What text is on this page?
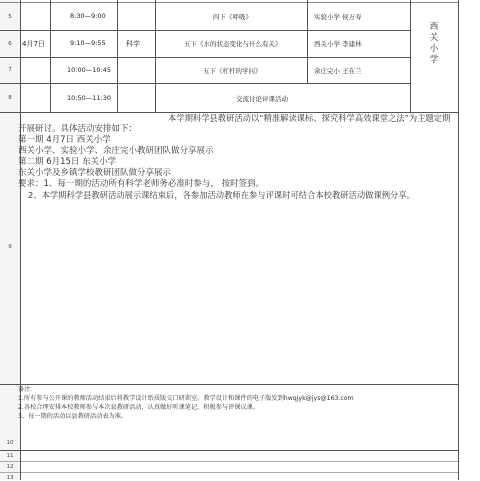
5
6
7
8
9
10
11
12
13
4月7日	科学
西关小学
8:30—9:00
9:10—9:55
10:00—10:45
10:50—11:30
四下《呼吸》
五下《水的状态变化与什么有关》
五下《杠杆的学问》
交流讨论评课活动
实验小学 侯万寿
西关小学 李建林
余庄完小 王在兰
本学期科学县教研活动以“精准解读课标、探究科学高效课堂之法”为主题定期
开展研讨。具体活动安排如下：
第一期 4月7日 西关小学
西关小学、实验小学、余庄完小教研团队做分享展示
第二期 6月15日 东关小学
东关小学及乡镇学校教研团队做分享展示
要求：1、每一期的活动所有科学老师务必准时参与， 按时签到。
2、本学期科学县教研活动展示课结束后，各参加活动教师在参与评课时可结合本校教研活动做课例分享。
备注：
1.所有参与公开课的教师活动结束后将教学设计纸质版交口研训室。教学设计和课件的电子版发到hwqjyk@jys@163.com
2.各校合理安排本校教师参与本次县教研活动，认真做好听课笔记，积极参与评课议课。
3、每一期的活动以县教研活动表为准。
